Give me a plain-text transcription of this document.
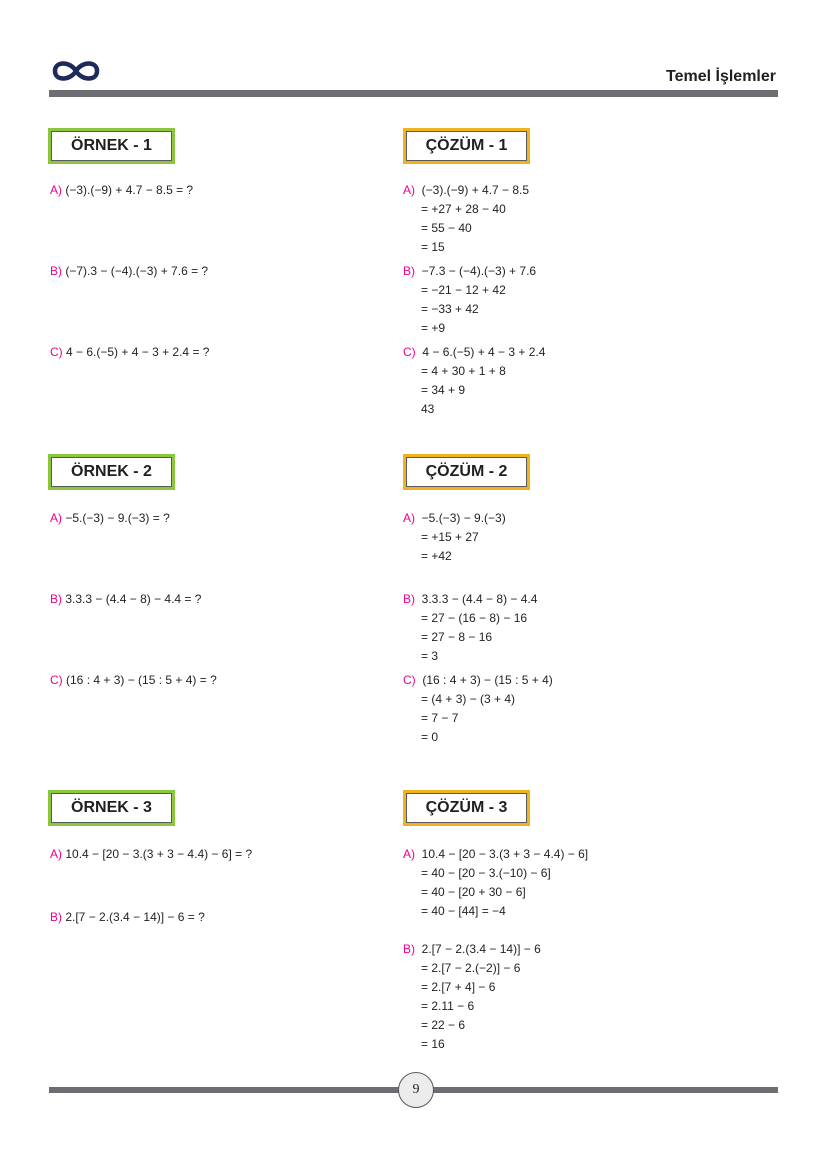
Temel İşlemler
ÖRNEK - 1
A) (−3).(−9) + 4.7 − 8.5 = ?
B) (−7).3 − (−4).(−3) + 7.6 = ?
C) 4 − 6.(−5) + 4 − 3 + 2.4 = ?
ÇÖZÜM - 1
A) (−3).(−9) + 4.7 − 8.5
= +27 + 28 − 40
= 55 − 40
= 15
B) −7.3 − (−4).(−3) + 7.6
= −21 − 12 + 42
= −33 + 42
= +9
C) 4 − 6.(−5) + 4 − 3 + 2.4
= 4 + 30 + 1 + 8
= 34 + 9
43
ÖRNEK - 2
A) −5.(−3) − 9.(−3) = ?
B) 3.3.3 − (4.4 − 8) − 4.4 = ?
C) (16 : 4 + 3) − (15 : 5 + 4) = ?
ÇÖZÜM - 2
A) −5.(−3) − 9.(−3)
= +15 + 27
= +42
B) 3.3.3 − (4.4 − 8) − 4.4
= 27 − (16 − 8) − 16
= 27 − 8 − 16
= 3
C) (16 : 4 + 3) − (15 : 5 + 4)
= (4 + 3) − (3 + 4)
= 7 − 7
= 0
ÖRNEK - 3
A) 10.4 − [20 − 3.(3 + 3 − 4.4) − 6] = ?
B) 2.[7 − 2.(3.4 − 14)] − 6 = ?
ÇÖZÜM - 3
A) 10.4 − [20 − 3.(3 + 3 − 4.4) − 6]
= 40 − [20 − 3.(−10) − 6]
= 40 − [20 + 30 − 6]
= 40 − [44] = −4
B) 2.[7 − 2.(3.4 − 14)] − 6
= 2.[7 − 2.(−2)] − 6
= 2.[7 + 4] − 6
= 2.11 − 6
= 22 − 6
= 16
9
